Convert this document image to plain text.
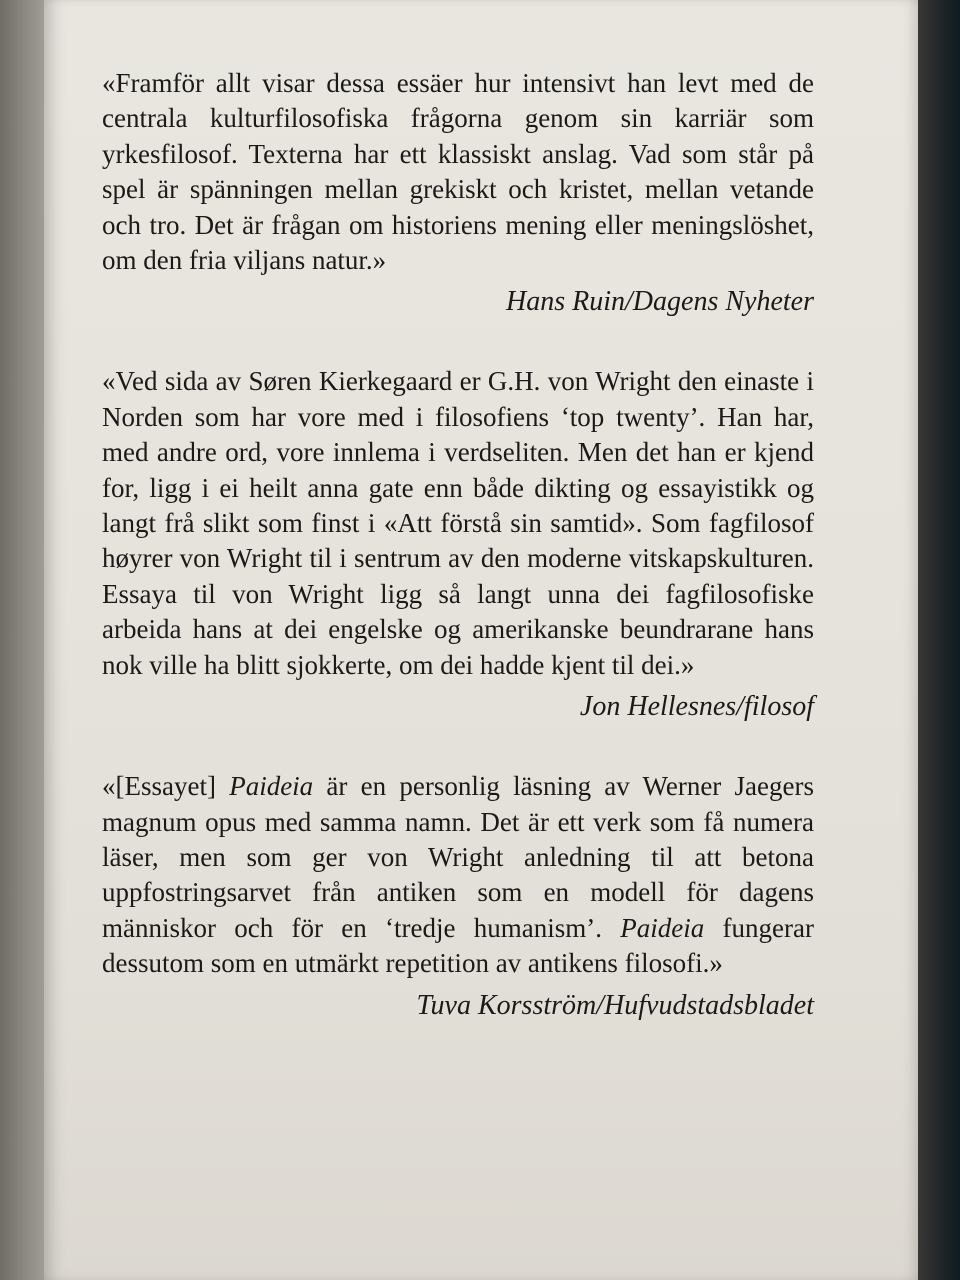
«Framför allt visar dessa essäer hur intensivt han levt med de centrala kulturfilosofiska frågorna genom sin karriär som yrkesfilosof. Texterna har ett klassiskt anslag. Vad som står på spel är spänningen mellan grekiskt och kristet, mellan vetande och tro. Det är frågan om historiens mening eller meningslöshet, om den fria viljans natur.»

Hans Ruin/Dagens Nyheter

«Ved sida av Søren Kierkegaard er G.H. von Wright den einaste i Norden som har vore med i filosofiens ‘top twenty’. Han har, med andre ord, vore innlema i verdseliten. Men det han er kjend for, ligg i ei heilt anna gate enn både dikting og essayistikk og langt frå slikt som finst i «Att förstå sin samtid». Som fagfilosof høyrer von Wright til i sentrum av den moderne vitskapskulturen. Essaya til von Wright ligg så langt unna dei fagfilosofiske arbeida hans at dei engelske og amerikanske beundrarane hans nok ville ha blitt sjokkerte, om dei hadde kjent til dei.»

Jon Hellesnes/filosof

«[Essayet] Paideia är en personlig läsning av Werner Jaegers magnum opus med samma namn. Det är ett verk som få numera läser, men som ger von Wright anledning til att betona uppfostringsarvet från antiken som en modell för dagens människor och för en ‘tredje humanism’. Paideia fungerar dessutom som en utmärkt repetition av antikens filosofi.»

Tuva Korsström/Hufvudstadsbladet
